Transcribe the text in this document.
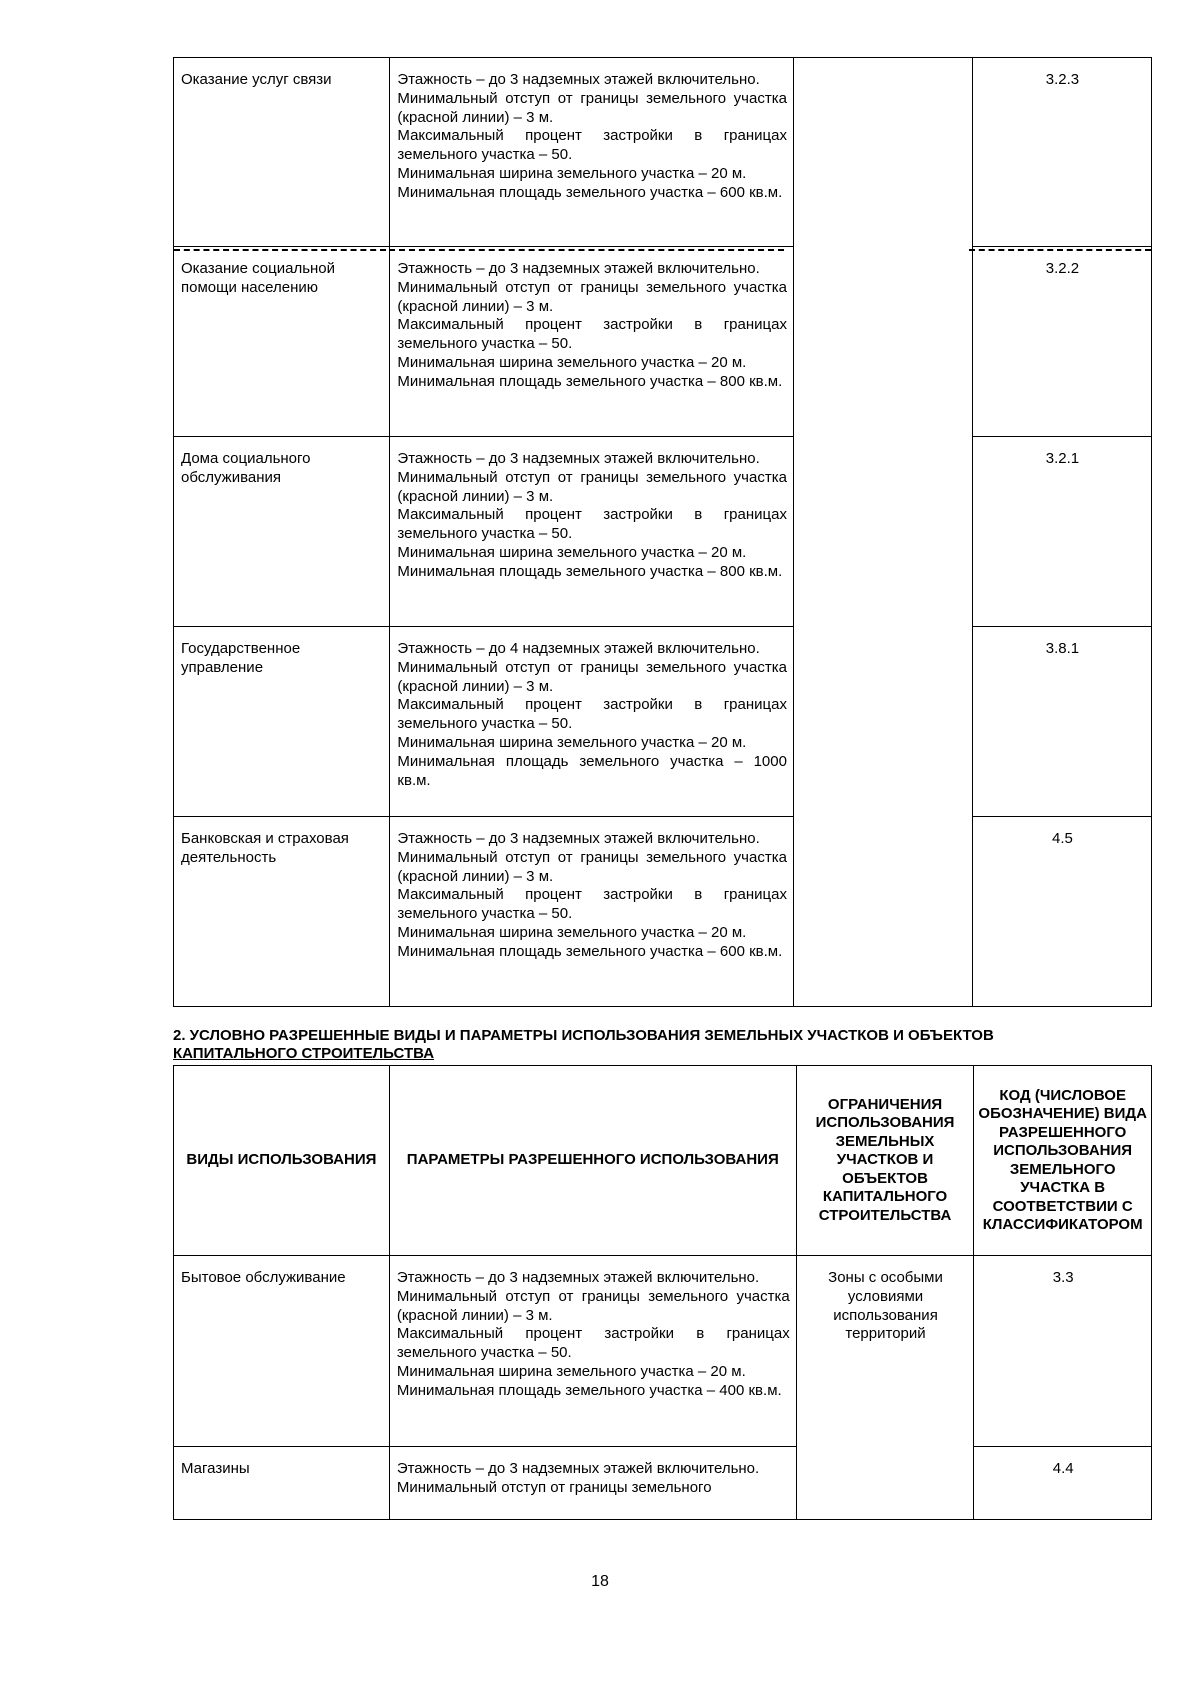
Оказание услуг связи	Этажность – до 3 надземных этажей включительно.
Минимальный отступ от границы земельного участка (красной линии) – 3 м.
Максимальный процент застройки в границах земельного участка – 50.
Минимальная ширина земельного участка – 20 м.
Минимальная площадь земельного участка – 600 кв.м.		3.2.3
Оказание социальной помощи населению	Этажность – до 3 надземных этажей включительно.
Минимальный отступ от границы земельного участка (красной линии) – 3 м.
Максимальный процент застройки в границах земельного участка – 50.
Минимальная ширина земельного участка – 20 м.
Минимальная площадь земельного участка – 800 кв.м.		3.2.2
Дома социального обслуживания	Этажность – до 3 надземных этажей включительно.
Минимальный отступ от границы земельного участка (красной линии) – 3 м.
Максимальный процент застройки в границах земельного участка – 50.
Минимальная ширина земельного участка – 20 м.
Минимальная площадь земельного участка – 800 кв.м.		3.2.1
Государственное управление	Этажность – до 4 надземных этажей включительно.
Минимальный отступ от границы земельного участка (красной линии) – 3 м.
Максимальный процент застройки в границах земельного участка – 50.
Минимальная ширина земельного участка – 20 м.
Минимальная площадь земельного участка – 1000 кв.м.		3.8.1
Банковская и страховая деятельность	Этажность – до 3 надземных этажей включительно.
Минимальный отступ от границы земельного участка (красной линии) – 3 м.
Максимальный процент застройки в границах земельного участка – 50.
Минимальная ширина земельного участка – 20 м.
Минимальная площадь земельного участка – 600 кв.м.		4.5
2. УСЛОВНО РАЗРЕШЕННЫЕ ВИДЫ И ПАРАМЕТРЫ ИСПОЛЬЗОВАНИЯ ЗЕМЕЛЬНЫХ УЧАСТКОВ И ОБЪЕКТОВ
КАПИТАЛЬНОГО СТРОИТЕЛЬСТВА
ВИДЫ ИСПОЛЬЗОВАНИЯ	ПАРАМЕТРЫ РАЗРЕШЕННОГО ИСПОЛЬЗОВАНИЯ	ОГРАНИЧЕНИЯ ИСПОЛЬЗОВАНИЯ ЗЕМЕЛЬНЫХ УЧАСТКОВ И ОБЪЕКТОВ КАПИТАЛЬНОГО СТРОИТЕЛЬСТВА	КОД (ЧИСЛОВОЕ ОБОЗНАЧЕНИЕ) ВИДА РАЗРЕШЕННОГО ИСПОЛЬЗОВАНИЯ ЗЕМЕЛЬНОГО УЧАСТКА В СООТВЕТСТВИИ С КЛАССИФИКАТОРОМ
Бытовое обслуживание	Этажность – до 3 надземных этажей включительно.
Минимальный отступ от границы земельного участка (красной линии) – 3 м.
Максимальный процент застройки в границах земельного участка – 50.
Минимальная ширина земельного участка – 20 м.
Минимальная площадь земельного участка – 400 кв.м.	Зоны с особыми условиями использования территорий	3.3
Магазины	Этажность – до 3 надземных этажей включительно.
Минимальный отступ от границы земельного		4.4
18
